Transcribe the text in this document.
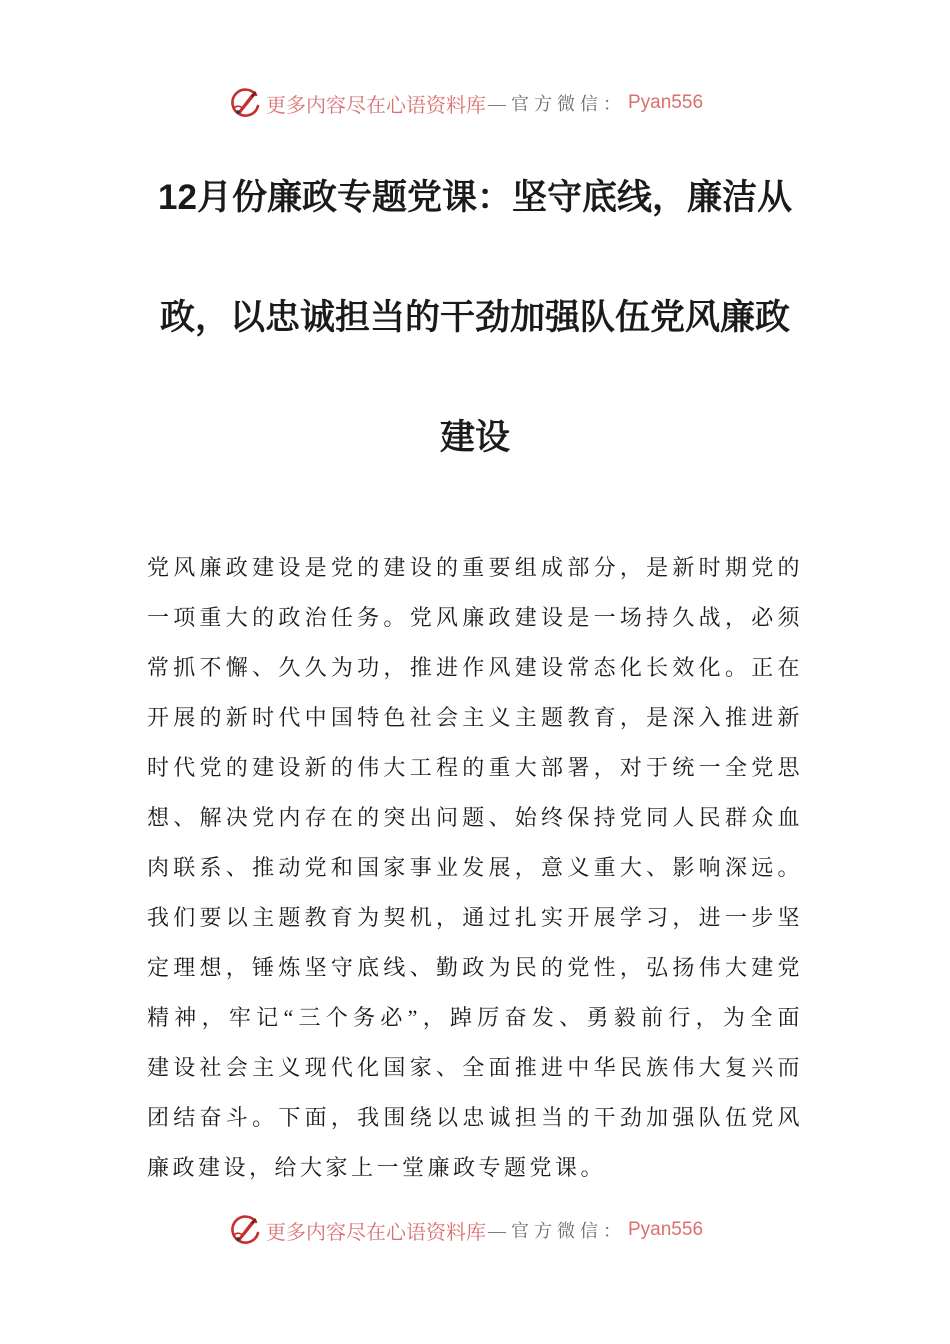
更多内容尽在心语资料库 —官方微信： Pyan556
12月份廉政专题党课：坚守底线，廉洁从
政，以忠诚担当的干劲加强队伍党风廉政
建设
党风廉政建设是党的建设的重要组成部分，是新时期党的
一项重大的政治任务。党风廉政建设是一场持久战，必须
常抓不懈、久久为功，推进作风建设常态化长效化。正在
开展的新时代中国特色社会主义主题教育，是深入推进新
时代党的建设新的伟大工程的重大部署，对于统一全党思
想、解决党内存在的突出问题、始终保持党同人民群众血
肉联系、推动党和国家事业发展，意义重大、影响深远。
我们要以主题教育为契机，通过扎实开展学习，进一步坚
定理想，锤炼坚守底线、勤政为民的党性，弘扬伟大建党
精神，牢记“三个务必”，踔厉奋发、勇毅前行，为全面
建设社会主义现代化国家、全面推进中华民族伟大复兴而
团结奋斗。下面，我围绕以忠诚担当的干劲加强队伍党风
廉政建设，给大家上一堂廉政专题党课。
更多内容尽在心语资料库 —官方微信： Pyan556
